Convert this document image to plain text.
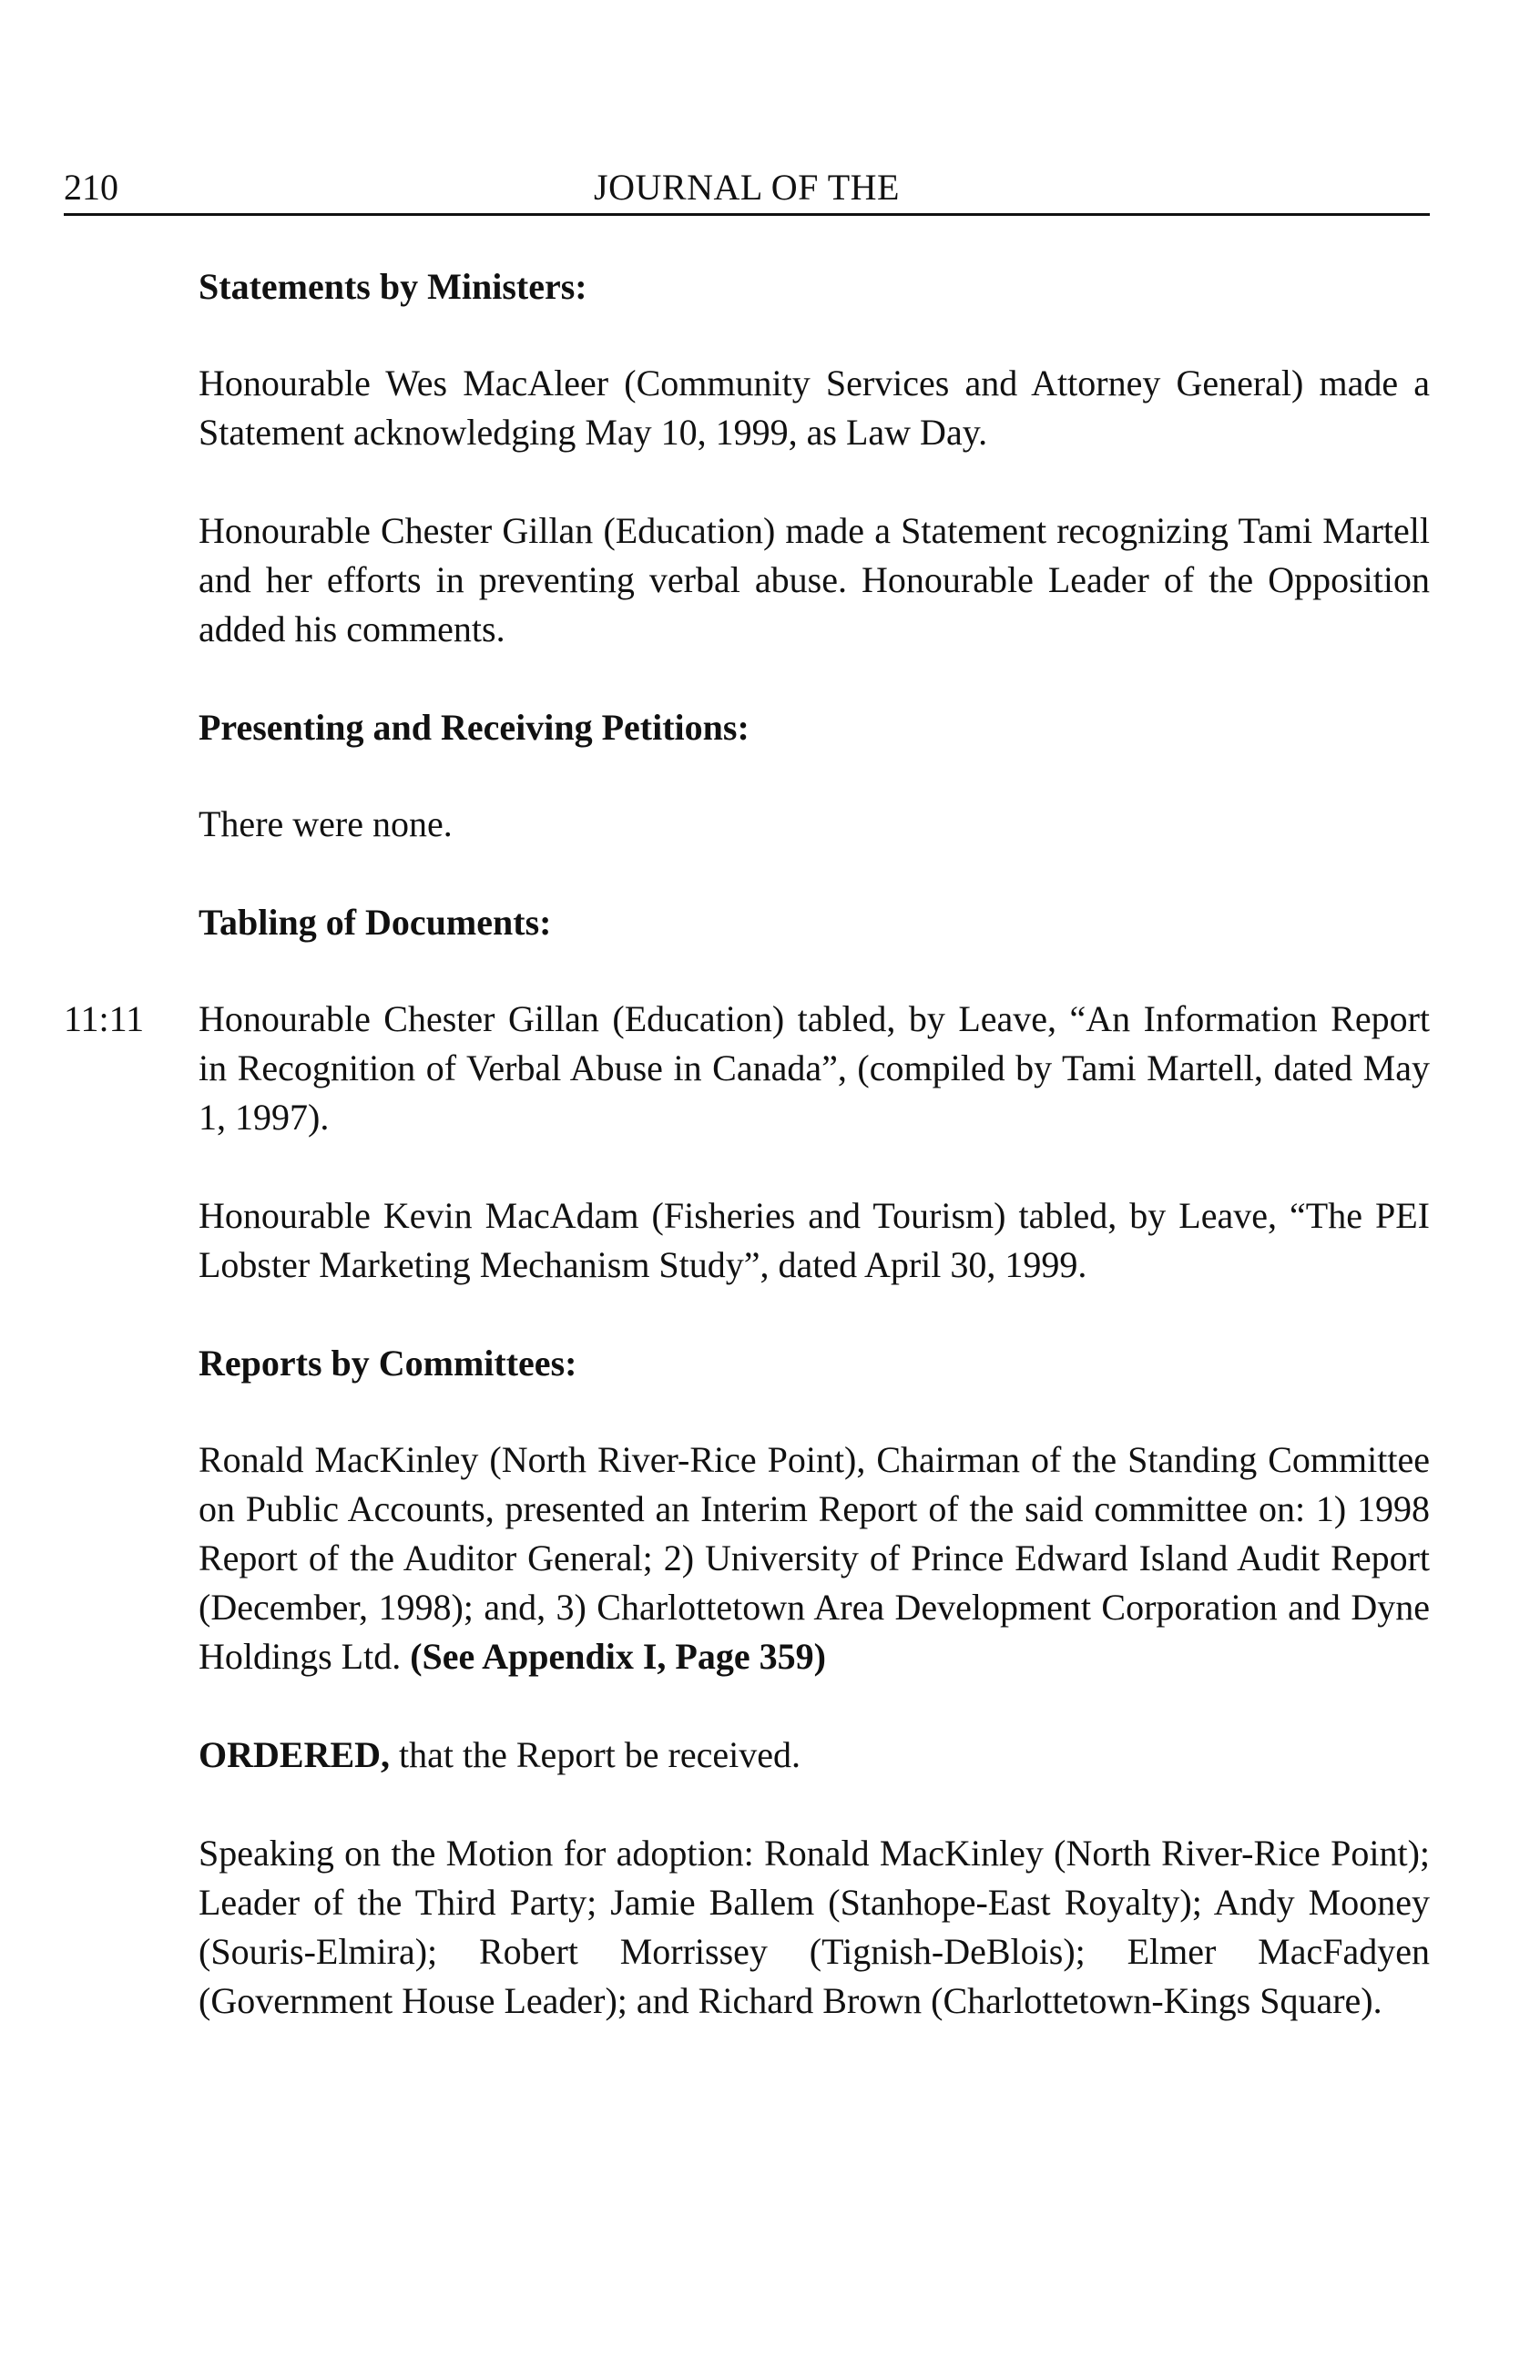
210	JOURNAL OF THE
Statements by Ministers:
Honourable Wes MacAleer (Community Services and Attorney General) made a Statement acknowledging May 10, 1999, as Law Day.
Honourable Chester Gillan (Education) made a Statement recognizing Tami Martell and her efforts in preventing verbal abuse. Honourable Leader of the Opposition added his comments.
Presenting and Receiving Petitions:
There were none.
Tabling of Documents:
11:11 Honourable Chester Gillan (Education) tabled, by Leave, “An Information Report in Recognition of Verbal Abuse in Canada”, (compiled by Tami Martell, dated May 1, 1997).
Honourable Kevin MacAdam (Fisheries and Tourism) tabled, by Leave, “The PEI Lobster Marketing Mechanism Study”, dated April 30, 1999.
Reports by Committees:
Ronald MacKinley (North River-Rice Point), Chairman of the Standing Committee on Public Accounts, presented an Interim Report of the said committee on: 1) 1998 Report of the Auditor General; 2) University of Prince Edward Island Audit Report (December, 1998); and, 3) Charlottetown Area Development Corporation and Dyne Holdings Ltd. (See Appendix I, Page 359)
ORDERED, that the Report be received.
Speaking on the Motion for adoption: Ronald MacKinley (North River-Rice Point); Leader of the Third Party; Jamie Ballem (Stanhope-East Royalty); Andy Mooney (Souris-Elmira); Robert Morrissey (Tignish-DeBlois); Elmer MacFadyen (Government House Leader); and Richard Brown (Charlottetown-Kings Square).
